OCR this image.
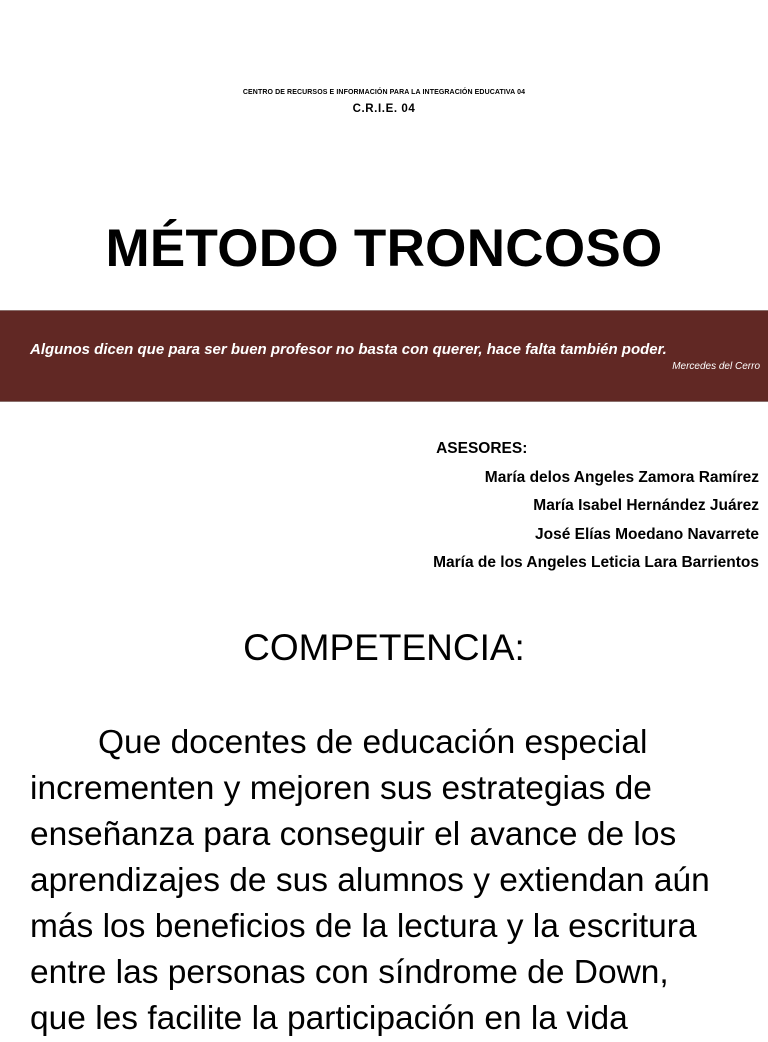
CENTRO DE RECURSOS E INFORMACIÓN PARA LA INTEGRACIÓN EDUCATIVA 04
C.R.I.E. 04
MÉTODO TRONCOSO
Algunos dicen que para ser buen profesor no basta con querer, hace falta también poder.
Mercedes del Cerro
ASESORES:
María delos Angeles Zamora Ramírez
María Isabel Hernández Juárez
José Elías Moedano Navarrete
María de los Angeles Leticia Lara Barrientos
COMPETENCIA:
Que docentes de educación especial
incrementen y mejoren sus estrategias de
enseñanza para conseguir el avance de los
aprendizajes de sus alumnos y extiendan aún
más los beneficios de la lectura y la escritura
entre las personas con síndrome de Down,
que les facilite la participación en la vida
